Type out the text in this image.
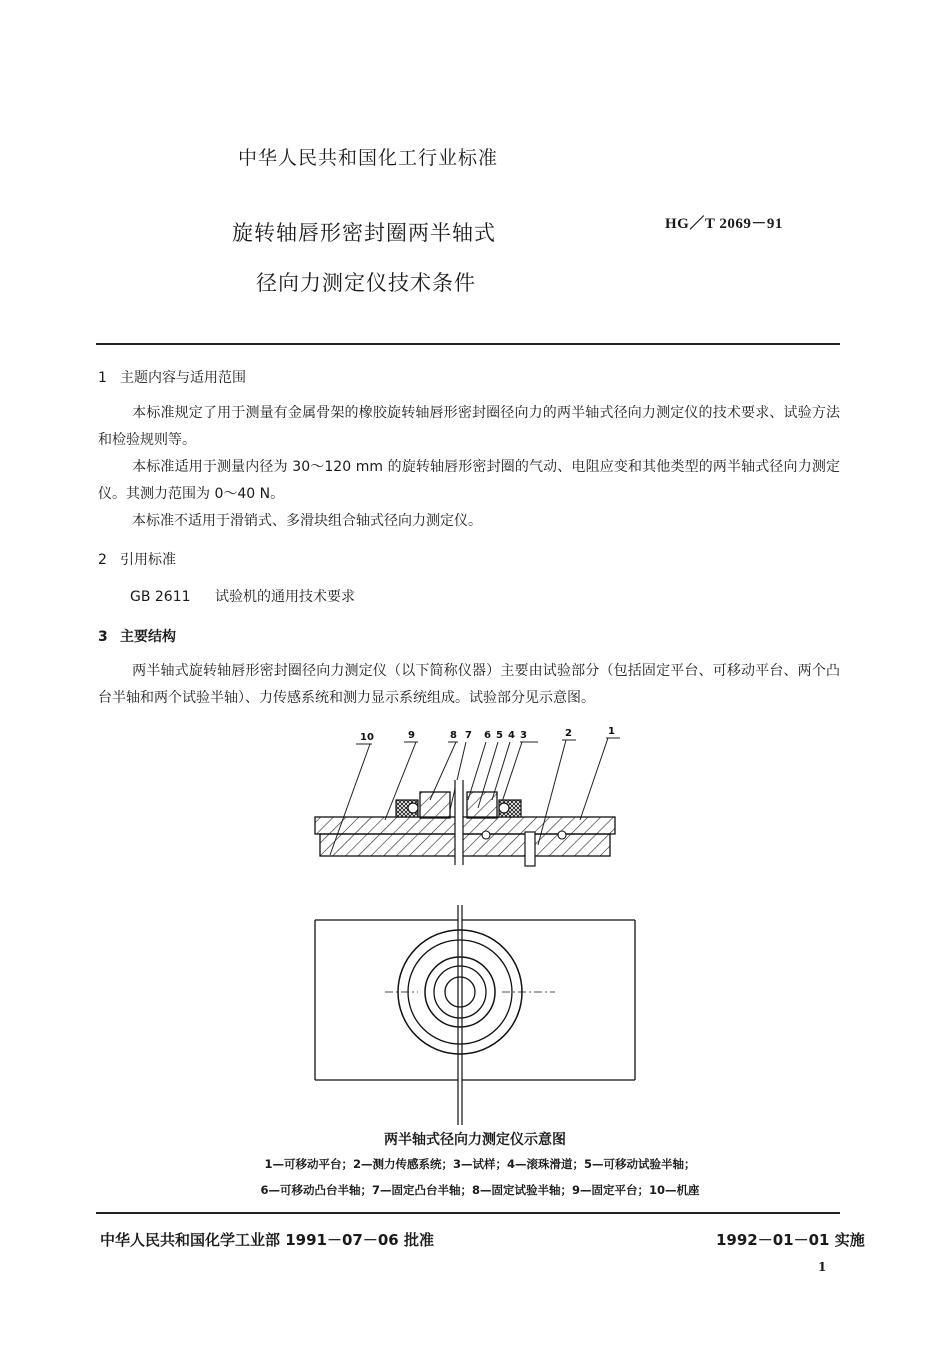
中华人民共和国化工行业标准
旋转轴唇形密封圈两半轴式
径向力测定仪技术条件
HG／T 2069－91
1 主题内容与适用范围
本标准规定了用于测量有金属骨架的橡胶旋转轴唇形密封圈径向力的两半轴式径向力测定仪的技术要求、试验方法和检验规则等。
本标准适用于测量内径为 30～120 mm 的旋转轴唇形密封圈的气动、电阻应变和其他类型的两半轴式径向力测定仪。其测力范围为 0～40 N。
本标准不适用于滑销式、多滑块组合轴式径向力测定仪。
2 引用标准
GB 2611 试验机的通用技术要求
3 主要结构
两半轴式旋转轴唇形密封圈径向力测定仪（以下简称仪器）主要由试验部分（包括固定平台、可移动平台、两个凸台半轴和两个试验半轴）、力传感系统和测力显示系统组成。试验部分见示意图。
10	9	8 7 6 5 4 3	2	1
两半轴式径向力测定仪示意图
1—可移动平台；2—测力传感系统；3—试样；4—滚珠滑道；5—可移动试验半轴；
6—可移动凸台半轴；7—固定凸台半轴；8—固定试验半轴；9—固定平台；10—机座
中华人民共和国化学工业部 1991－07－06 批准	1992－01－01 实施
1
